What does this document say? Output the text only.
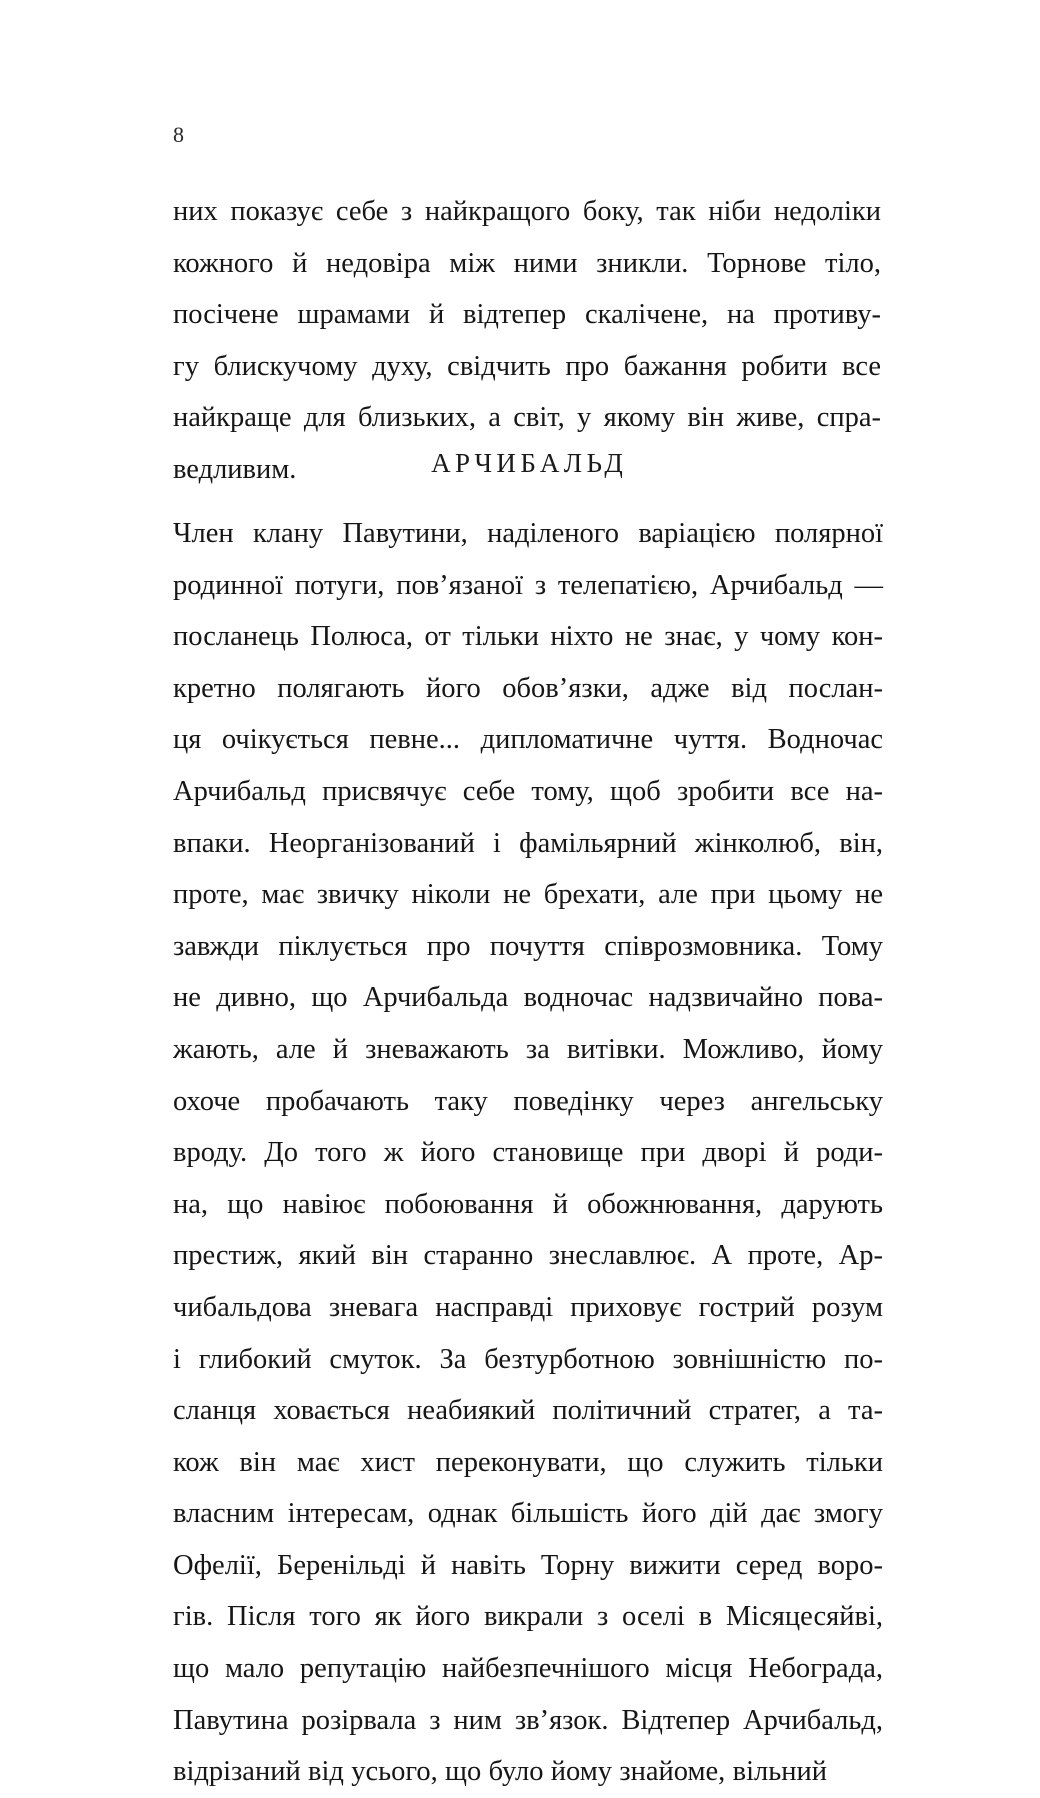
8

них показує себе з найкращого боку, так ніби недоліки
кожного й недовіра між ними зникли. Торнове тіло,
посічене шрамами й відтепер скалічене, на противу-
гу блискучому духу, свідчить про бажання робити все
найкраще для близьких, а світ, у якому він живе, спра-
ведливим.	АРЧИБАЛЬД

Член клану Павутини, наділеного варіацією полярної
родинної потуги, пов’язаної з телепатією, Арчибальд —
посланець Полюса, от тільки ніхто не знає, у чому кон-
кретно полягають його обов’язки, адже від послан-
ця очікується певне... дипломатичне чуття. Водночас
Арчибальд присвячує себе тому, щоб зробити все на-
впаки. Неорганізований і фамільярний жінколюб, він,
проте, має звичку ніколи не брехати, але при цьому не
завжди піклується про почуття співрозмовника. Тому
не дивно, що Арчибальда водночас надзвичайно пова-
жають, але й зневажають за витівки. Можливо, йому
охоче пробачають таку поведінку через ангельську
вроду. До того ж його становище при дворі й роди-
на, що навіює побоювання й обожнювання, дарують
престиж, який він старанно знеславлює. А проте, Ар-
чибальдова зневага насправді приховує гострий розум
і глибокий смуток. За безтурботною зовнішністю по-
сланця ховається неабиякий політичний стратег, а та-
кож він має хист переконувати, що служить тільки
власним інтересам, однак більшість його дій дає змогу
Офелії, Беренільді й навіть Торну вижити серед воро-
гів. Після того як його викрали з оселі в Місяцесяйві,
що мало репутацію найбезпечнішого місця Небограда,
Павутина розірвала з ним зв’язок. Відтепер Арчибальд,
відрізаний від усього, що було йому знайоме, вільний
